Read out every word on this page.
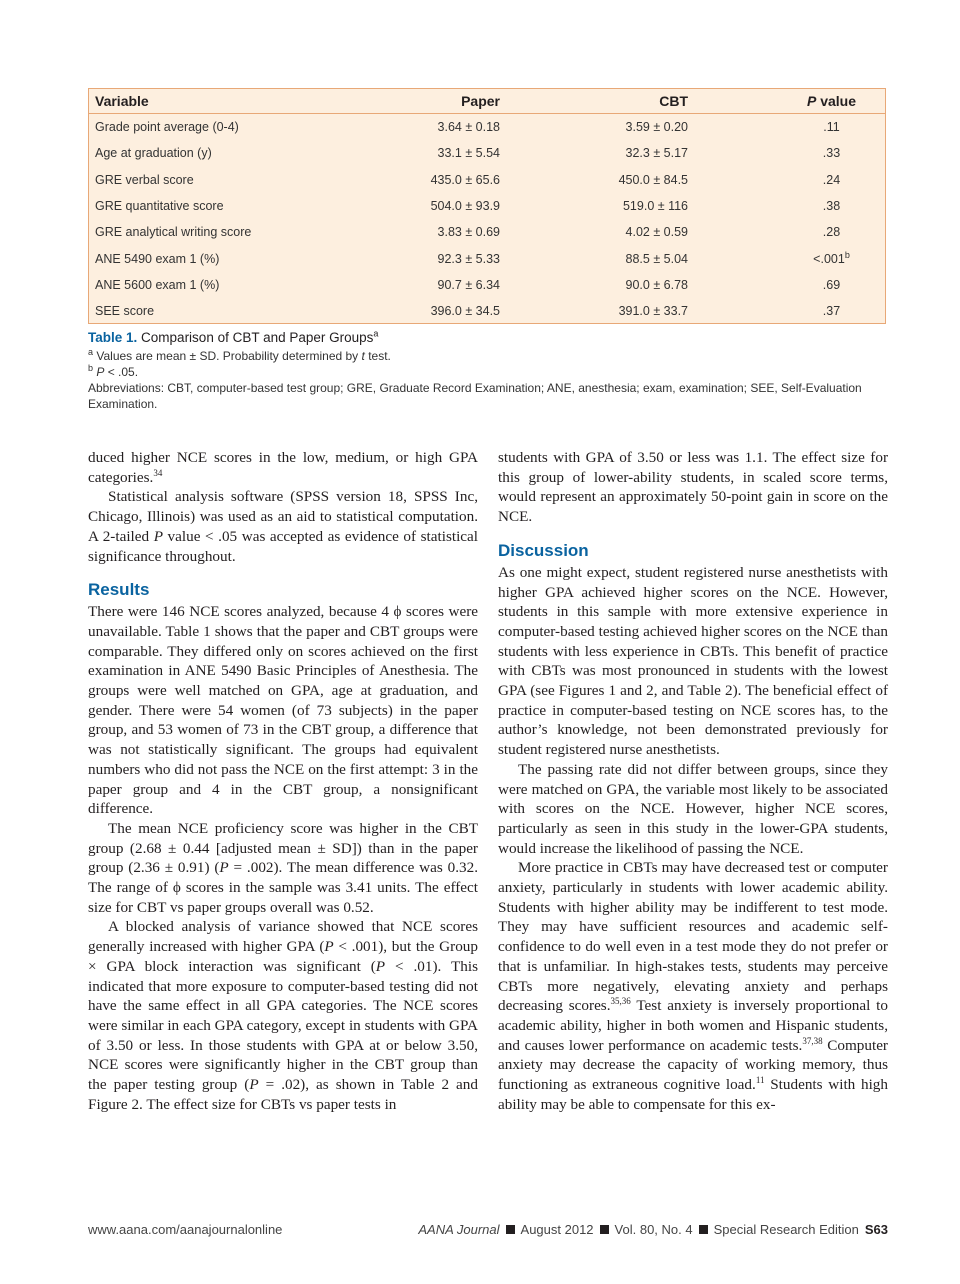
Variable	Paper		CBT		P value
Grade point average (0-4)	3.64 ± 0.18		3.59 ± 0.20		.11
Age at graduation (y)	33.1 ± 5.54		32.3 ± 5.17		.33
GRE verbal score	435.0 ± 65.6		450.0 ± 84.5		.24
GRE quantitative score	504.0 ± 93.9		519.0 ± 116		.38
GRE analytical writing score	3.83 ± 0.69		4.02 ± 0.59		.28
ANE 5490 exam 1 (%)	92.3 ± 5.33		88.5 ± 5.04		<.001$^b$
ANE 5600 exam 1 (%)	90.7 ± 6.34		90.0 ± 6.78		.69
SEE score	396.0 ± 34.5		391.0 ± 33.7		.37
Table 1. Comparison of CBT and Paper Groups$^a$
$^a$ Values are mean ± SD. Probability determined by t test.
$^b$ P < .05.
Abbreviations: CBT, computer-based test group; GRE, Graduate Record Examination; ANE, anesthesia; exam, examination; SEE, Self-Evaluation Examination.

duced higher NCE scores in the low, medium, or high GPA categories.$^{34}$

Statistical analysis software (SPSS version 18, SPSS Inc, Chicago, Illinois) was used as an aid to statistical computation. A 2-tailed P value < .05 was accepted as evidence of statistical significance throughout.

Results

There were 146 NCE scores analyzed, because 4 ϕ scores were unavailable. Table 1 shows that the paper and CBT groups were comparable. They differed only on scores achieved on the first examination in ANE 5490 Basic Principles of Anesthesia. The groups were well matched on GPA, age at graduation, and gender. There were 54 women (of 73 subjects) in the paper group, and 53 women of 73 in the CBT group, a difference that was not statistically significant. The groups had equivalent numbers who did not pass the NCE on the first attempt: 3 in the paper group and 4 in the CBT group, a nonsignificant difference.

The mean NCE proficiency score was higher in the CBT group (2.68 ± 0.44 [adjusted mean ± SD]) than in the paper group (2.36 ± 0.91) (P = .002). The mean difference was 0.32. The range of ϕ scores in the sample was 3.41 units. The effect size for CBT vs paper groups overall was 0.52.

A blocked analysis of variance showed that NCE scores generally increased with higher GPA (P < .001), but the Group × GPA block interaction was significant (P < .01). This indicated that more exposure to computer-based testing did not have the same effect in all GPA categories. The NCE scores were similar in each GPA category, except in students with GPA of 3.50 or less. In those students with GPA at or below 3.50, NCE scores were significantly higher in the CBT group than the paper testing group (P = .02), as shown in Table 2 and Figure 2. The effect size for CBTs vs paper tests in

students with GPA of 3.50 or less was 1.1. The effect size for this group of lower-ability students, in scaled score terms, would represent an approximately 50-point gain in score on the NCE.

Discussion

As one might expect, student registered nurse anesthetists with higher GPA achieved higher scores on the NCE. However, students in this sample with more extensive experience in computer-based testing achieved higher scores on the NCE than students with less experience in CBTs. This benefit of practice with CBTs was most pronounced in students with the lowest GPA (see Figures 1 and 2, and Table 2). The beneficial effect of practice in computer-based testing on NCE scores has, to the author’s knowledge, not been demonstrated previously for student registered nurse anesthetists.

The passing rate did not differ between groups, since they were matched on GPA, the variable most likely to be associated with scores on the NCE. However, higher NCE scores, particularly as seen in this study in the lower-GPA students, would increase the likelihood of passing the NCE.

More practice in CBTs may have decreased test or computer anxiety, particularly in students with lower academic ability. Students with higher ability may be indifferent to test mode. They may have sufficient resources and academic self-confidence to do well even in a test mode they do not prefer or that is unfamiliar. In high-stakes tests, students may perceive CBTs more negatively, elevating anxiety and perhaps decreasing scores.$^{35,36}$ Test anxiety is inversely proportional to academic ability, higher in both women and Hispanic students, and causes lower performance on academic tests.$^{37,38}$ Computer anxiety may decrease the capacity of working memory, thus functioning as extraneous cognitive load.$^{11}$ Students with high ability may be able to compensate for this ex-

www.aana.com/aanajournalonline	AANA Journal August 2012 Vol. 80, No. 4 Special Research Edition S63
